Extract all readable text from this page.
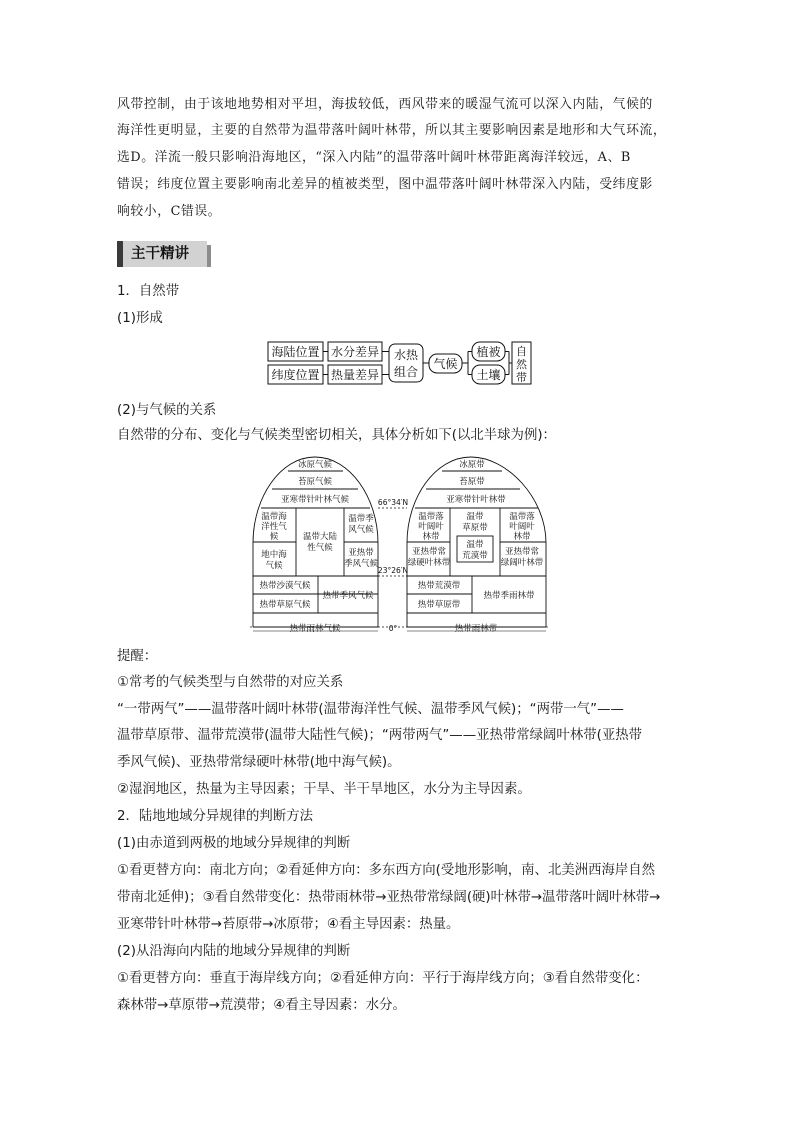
风带控制，由于该地地势相对平坦，海拔较低，西风带来的暖湿气流可以深入内陆，气候的

海洋性更明显，主要的自然带为温带落叶阔叶林带，所以其主要影响因素是地形和大气环流，

选D。洋流一般只影响沿海地区，“深入内陆”的温带落叶阔叶林带距离海洋较远，A、B

错误；纬度位置主要影响南北差异的植被类型，图中温带落叶阔叶林带深入内陆，受纬度影

响较小，C错误。

主干精讲

1．自然带

(1)形成

海陆位置
纬度位置
水分差异
热量差异
水热
组合
气候
植被
土壤
自
然
带

(2)与气候的关系

自然带的分布、变化与气候类型密切相关，具体分析如下(以北半球为例)：

冰原气候
苔原气候
亚寒带针叶林气候
温带海
洋性气
候	温带大陆
性气候
温带季
风气候
地中海
气候
亚热带
季风气候
热带沙漠气候
热带草原气候
热带季风气候
热带雨林气候
冰原带
苔原带
亚寒带针叶林带
温带落
叶阔叶
林带
温带
草原带
温带
荒漠带
温带落
叶阔叶
林带
亚热带常
绿硬叶林带
亚热带常
绿阔叶林带
热带荒漠带
热带草原带
热带季雨林带
热带雨林带
66°34′N
23°26′N
0°

提醒：

①常考的气候类型与自然带的对应关系

“一带两气”——温带落叶阔叶林带(温带海洋性气候、温带季风气候)；“两带一气”——

温带草原带、温带荒漠带(温带大陆性气候)；“两带两气”——亚热带常绿阔叶林带(亚热带

季风气候)、亚热带常绿硬叶林带(地中海气候)。

②湿润地区，热量为主导因素；干旱、半干旱地区，水分为主导因素。

2．陆地地域分异规律的判断方法

(1)由赤道到两极的地域分异规律的判断

①看更替方向：南北方向；②看延伸方向：多东西方向(受地形影响，南、北美洲西海岸自然

带南北延伸)；③看自然带变化：热带雨林带→亚热带常绿阔(硬)叶林带→温带落叶阔叶林带→

亚寒带针叶林带→苔原带→冰原带；④看主导因素：热量。

(2)从沿海向内陆的地域分异规律的判断

①看更替方向：垂直于海岸线方向；②看延伸方向：平行于海岸线方向；③看自然带变化：

森林带→草原带→荒漠带；④看主导因素：水分。
